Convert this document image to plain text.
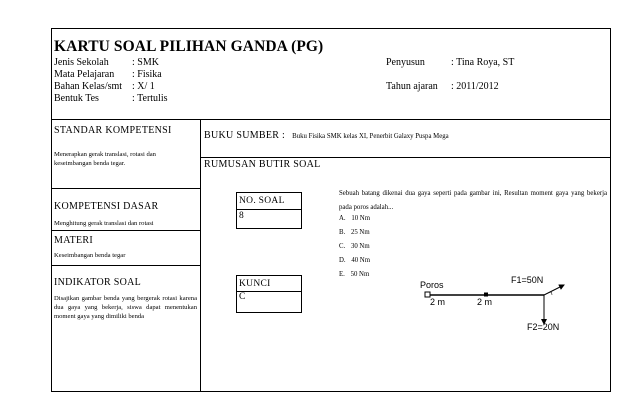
KARTU SOAL PILIHAN GANDA (PG)
Jenis Sekolah : SMK
Mata Pelajaran : Fisika
Bahan Kelas/smt : X/ 1
Bentuk Tes	: Tertulis
Penyusun	: Tina Roya, ST
Tahun ajaran : 2011/2012
STANDAR KOMPETENSI
Menerapkan gerak translasi, rotasi dan keseimbangan benda tegar.
BUKU SUMBER : Buku Fisika SMK kelas XI, Penerbit Galaxy Puspa Mega
RUMUSAN BUTIR SOAL
KOMPETENSI DASAR
Menghitung gerak translasi dan rotasi
MATERI
Keseimbangan benda tegar
INDIKATOR SOAL
Disajikan gambar benda yang bergerak rotasi karena dua gaya yang bekerja, siswa dapat menentukan moment gaya yang dimiliki benda
NO. SOAL
8
KUNCI
C
Sebuah batang dikenai dua gaya seperti pada gambar ini, Resultan moment gaya yang bekerja pada poros adalah...
A. 10 Nm
B. 25 Nm
C. 30 Nm
D. 40 Nm
E. 50 Nm
Poros	F1=50N
2 m	2 m
F2=20N
